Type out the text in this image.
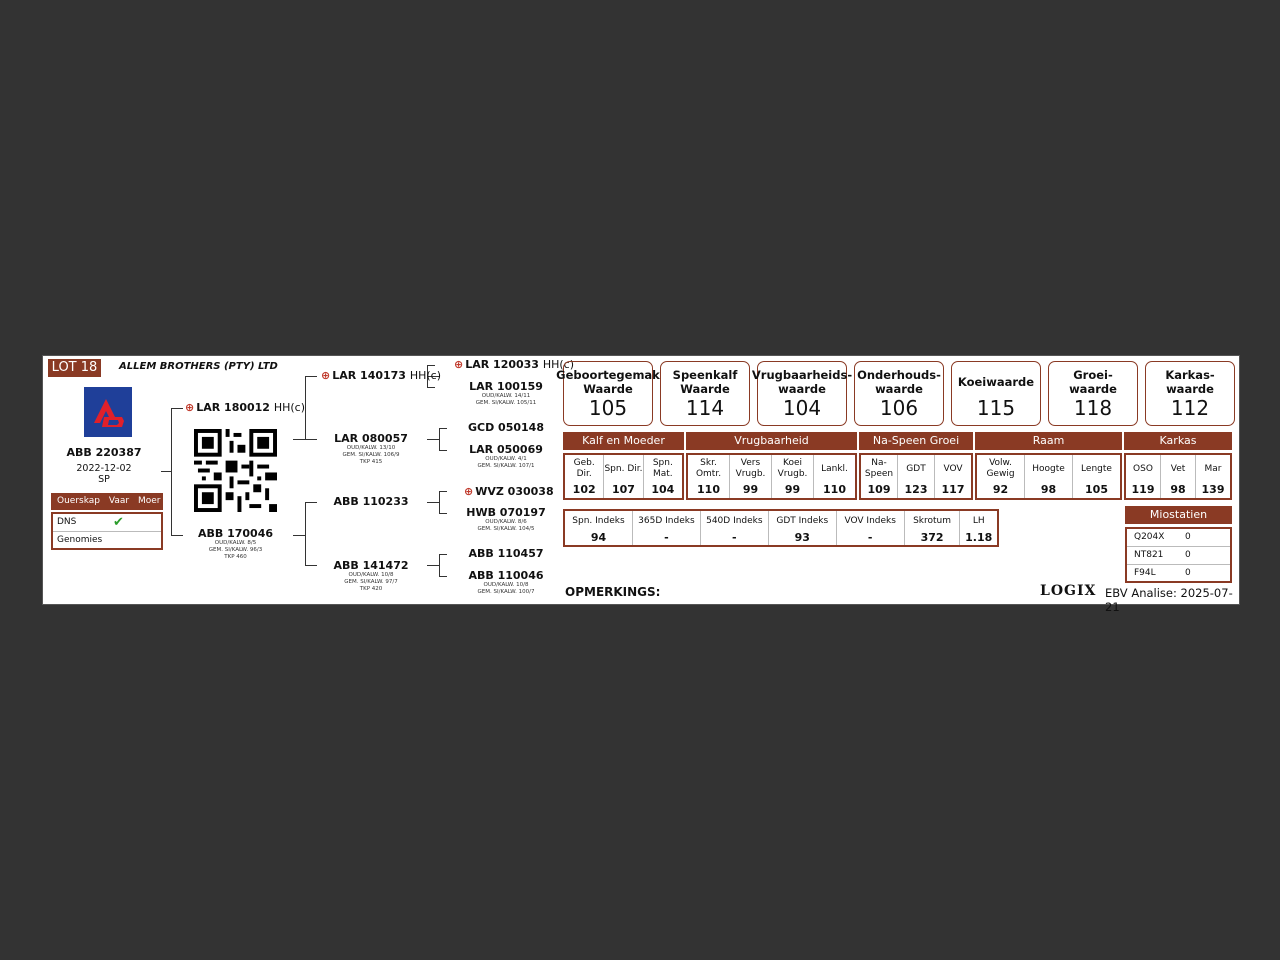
LOT 18	ALLEM BROTHERS (PTY) LTD
ABB 220387
2022-12-02
SP
Ouerskap Vaar Moer
DNS	✔
Genomies
⊕ LAR 180012 HH(c)
ABB 170046
OUD/KALW. 8/5
GEM. SI/KALW. 96/3
TKP 460
⊕ LAR 140173 HH(c)
LAR 080057
OUD/KALW. 13/10
GEM. SI/KALW. 106/9
TKP 415
ABB 110233
ABB 141472
OUD/KALW. 10/8
GEM. SI/KALW. 97/7
TKP 420
⊕ LAR 120033 HH(c)
LAR 100159
OUD/KALW. 14/11
GEM. SI/KALW. 105/11
GCD 050148
LAR 050069
OUD/KALW. 4/1
GEM. SI/KALW. 107/1
⊕ WVZ 030038
HWB 070197
OUD/KALW. 8/6
GEM. SI/KALW. 104/5
ABB 110457
ABB 110046
OUD/KALW. 10/8
GEM. SI/KALW. 100/7
Geboortegemak
Waarde
105
Speenkalf
Waarde
114
Vrugbaarheids-
waarde
104
Onderhouds-
waarde
106
Koeiwaarde
115
Groei-
waarde
118
Karkas-
waarde
112
Kalf en Moeder	Vrugbaarheid	Na-Speen Groei	Raam	Karkas
Geb. Dir.
102
Spn. Dir.
107
Spn. Mat.
104
Skr. Omtr.
110
Vers Vrugb.
99
Koei Vrugb.
99
Lankl.
110
Na- Speen
109
GDT
123
VOV
117
Volw. Gewig
92
Hoogte
98
Lengte
105
OSO
119
Vet
98
Mar
139
Spn. Indeks
94
365D Indeks
-
540D Indeks
-
GDT Indeks
93
VOV Indeks
-
Skrotum
372
LH
1.18
Miostatien
Q204X	0
NT821	0
F94L	0
OPMERKINGS:	LOGIX EBV Analise: 2025-07-21
